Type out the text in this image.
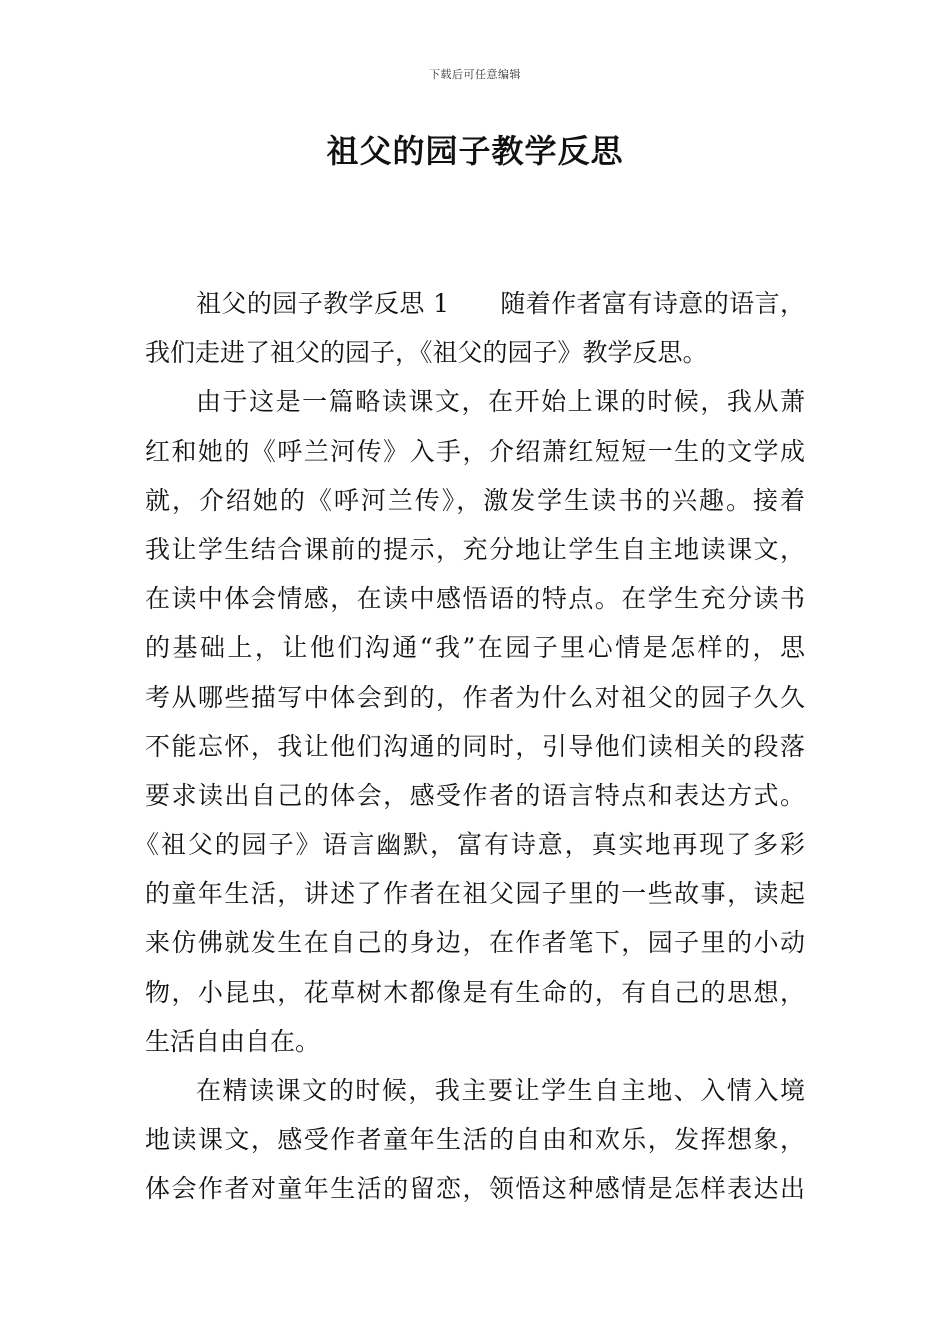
下载后可任意编辑
祖父的园子教学反思
祖父的园子教学反思 1　　随着作者富有诗意的语言，
我们走进了祖父的园子，《祖父的园子》教学反思。
由于这是一篇略读课文，在开始上课的时候，我从萧
红和她的《呼兰河传》入手，介绍萧红短短一生的文学成
就，介绍她的《呼河兰传》，激发学生读书的兴趣。接着
我让学生结合课前的提示，充分地让学生自主地读课文，
在读中体会情感，在读中感悟语的特点。在学生充分读书
的基础上，让他们沟通“我”在园子里心情是怎样的，思
考从哪些描写中体会到的，作者为什么对祖父的园子久久
不能忘怀，我让他们沟通的同时，引导他们读相关的段落
要求读出自己的体会，感受作者的语言特点和表达方式。
《祖父的园子》语言幽默，富有诗意，真实地再现了多彩
的童年生活，讲述了作者在祖父园子里的一些故事，读起
来仿佛就发生在自己的身边，在作者笔下，园子里的小动
物，小昆虫，花草树木都像是有生命的，有自己的思想，
生活自由自在。
在精读课文的时候，我主要让学生自主地、入情入境
地读课文，感受作者童年生活的自由和欢乐，发挥想象，
体会作者对童年生活的留恋，领悟这种感情是怎样表达出
